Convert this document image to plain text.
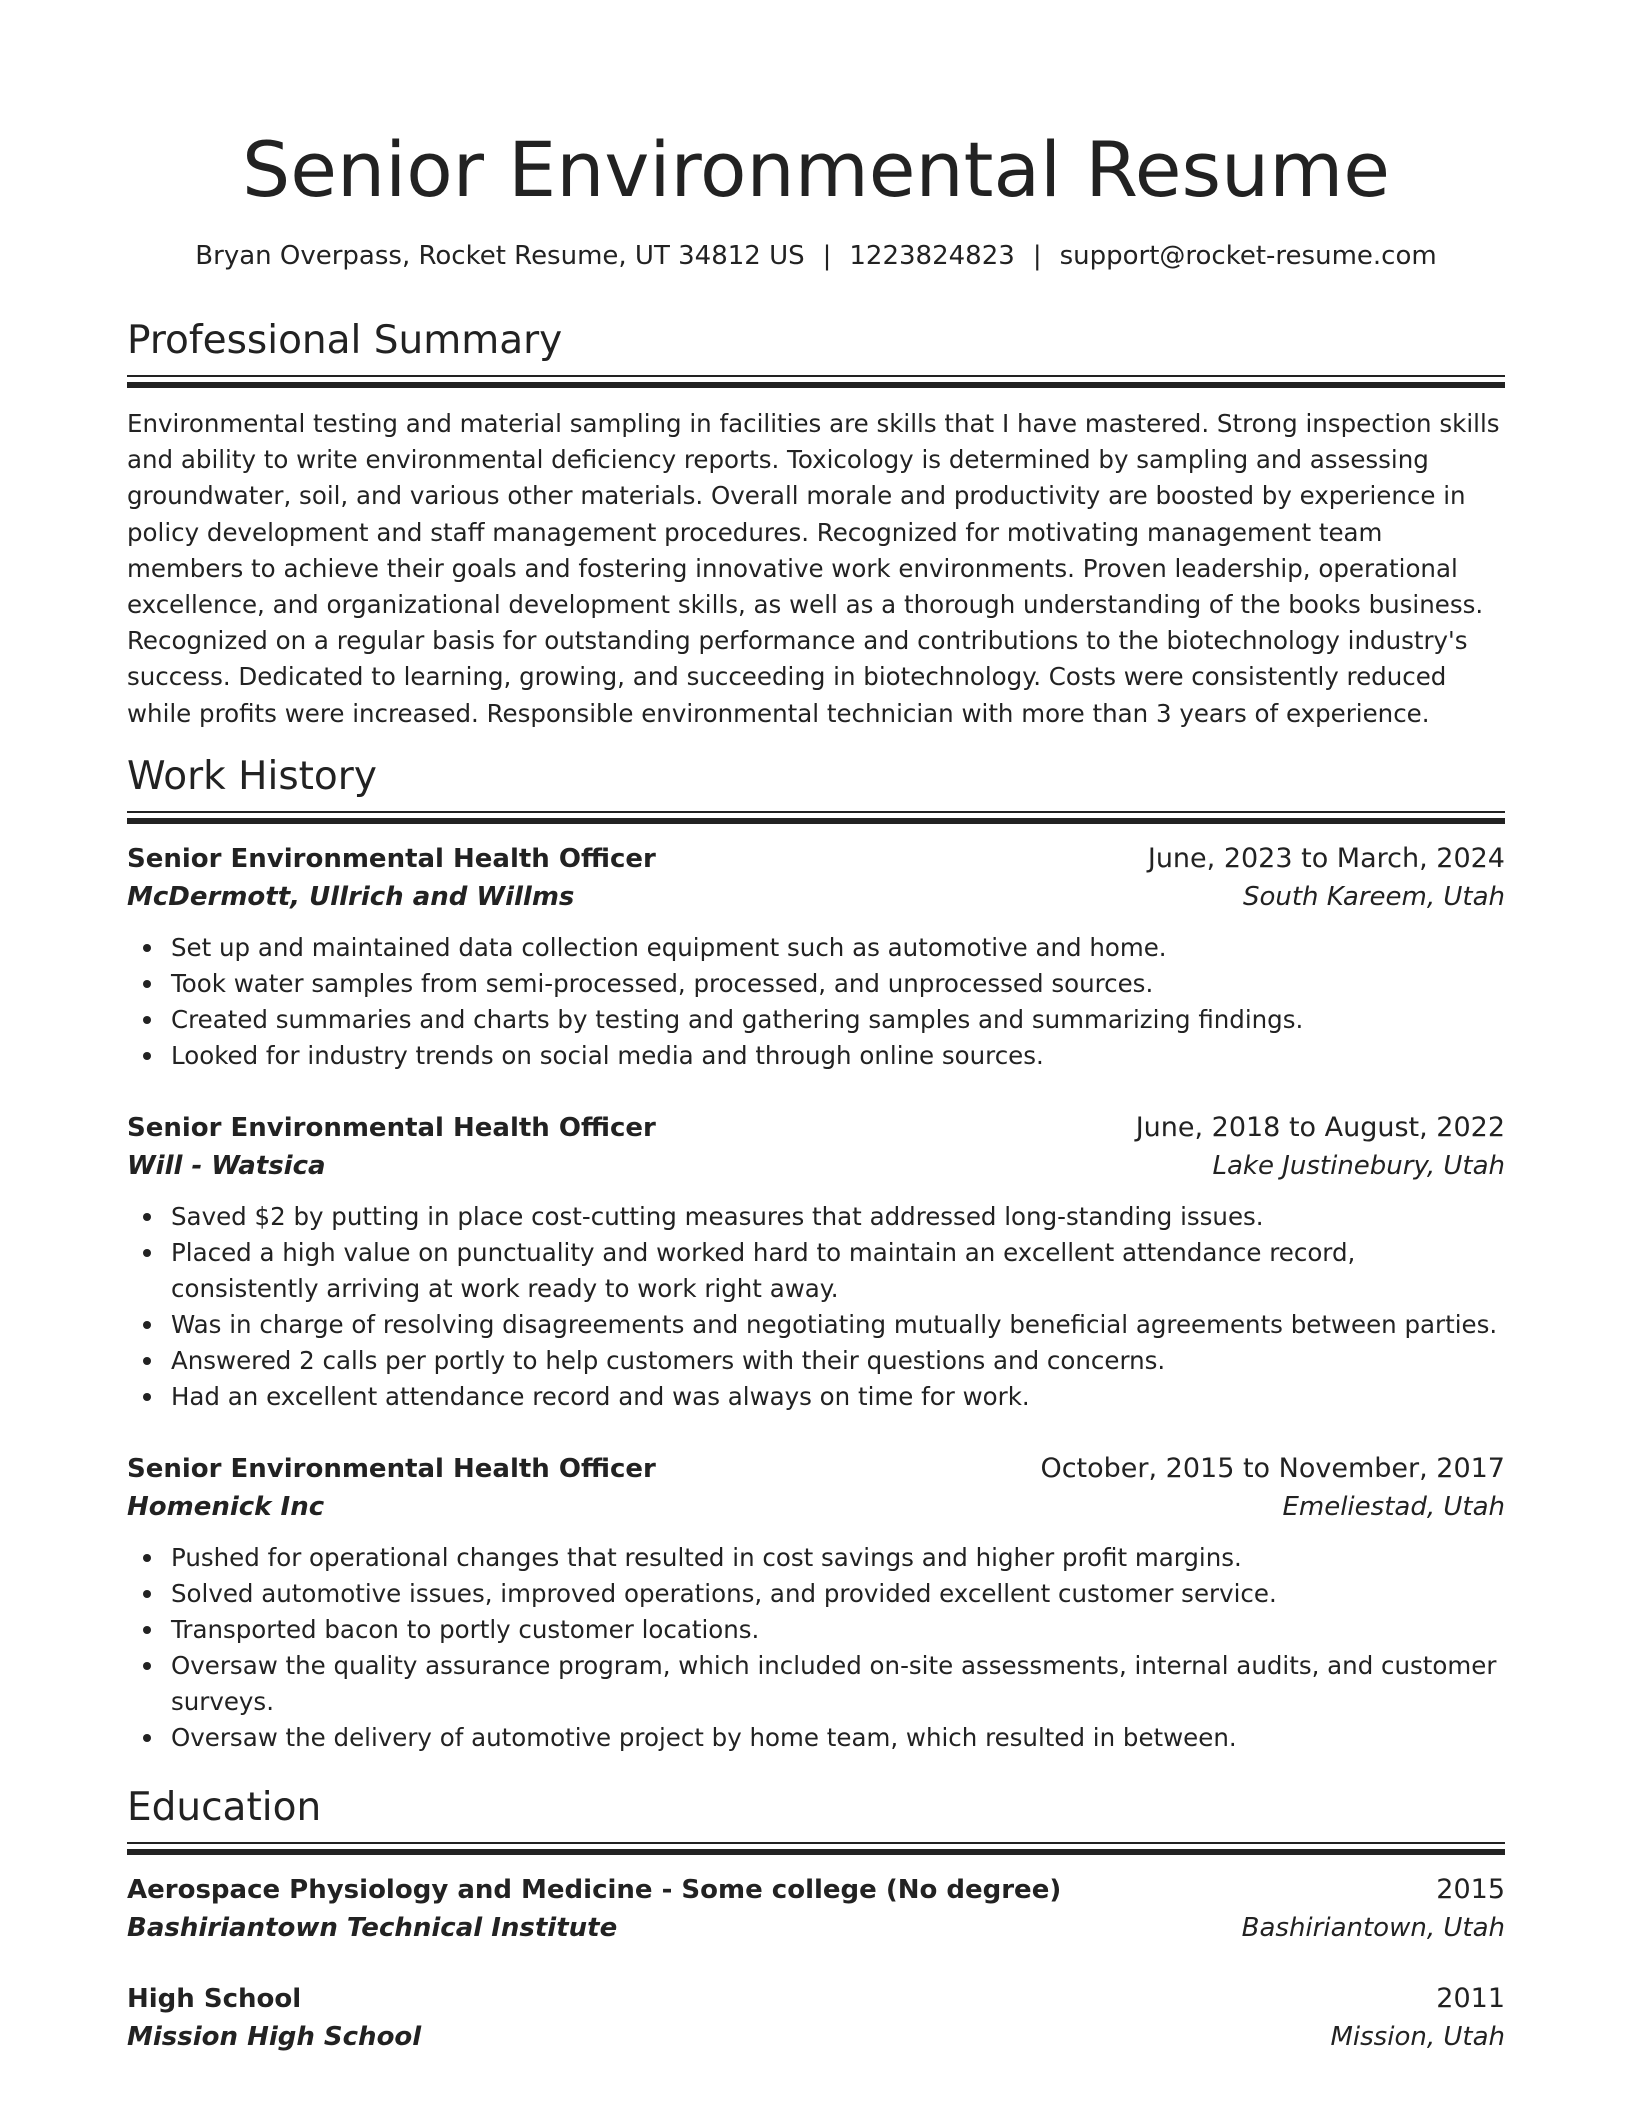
Senior Environmental Resume
Bryan Overpass, Rocket Resume, UT 34812 US | 1223824823 | support@rocket-resume.com
Professional Summary

Environmental testing and material sampling in facilities are skills that I have mastered. Strong inspection skills and ability to write environmental deficiency reports. Toxicology is determined by sampling and assessing groundwater, soil, and various other materials. Overall morale and productivity are boosted by experience in policy development and staff management procedures. Recognized for motivating management team members to achieve their goals and fostering innovative work environments. Proven leadership, operational excellence, and organizational development skills, as well as a thorough understanding of the books business. Recognized on a regular basis for outstanding performance and contributions to the biotechnology industry's success. Dedicated to learning, growing, and succeeding in biotechnology. Costs were consistently reduced while profits were increased. Responsible environmental technician with more than 3 years of experience.

Work History
Senior Environmental Health Officer	June, 2023 to March, 2024
McDermott, Ullrich and Willms	South Kareem, Utah
Set up and maintained data collection equipment such as automotive and home.
Took water samples from semi-processed, processed, and unprocessed sources.
Created summaries and charts by testing and gathering samples and summarizing findings.
Looked for industry trends on social media and through online sources.
Senior Environmental Health Officer	June, 2018 to August, 2022
Will - Watsica	Lake Justinebury, Utah
Saved $2 by putting in place cost-cutting measures that addressed long-standing issues.
Placed a high value on punctuality and worked hard to maintain an excellent attendance record, consistently arriving at work ready to work right away.
Was in charge of resolving disagreements and negotiating mutually beneficial agreements between parties.
Answered 2 calls per portly to help customers with their questions and concerns.
Had an excellent attendance record and was always on time for work.
Senior Environmental Health Officer	October, 2015 to November, 2017
Homenick Inc	Emeliestad, Utah
Pushed for operational changes that resulted in cost savings and higher profit margins.
Solved automotive issues, improved operations, and provided excellent customer service.
Transported bacon to portly customer locations.
Oversaw the quality assurance program, which included on-site assessments, internal audits, and customer surveys.
Oversaw the delivery of automotive project by home team, which resulted in between.
Education
Aerospace Physiology and Medicine - Some college (No degree)	2015
Bashiriantown Technical Institute	Bashiriantown, Utah
High School	2011
Mission High School	Mission, Utah
